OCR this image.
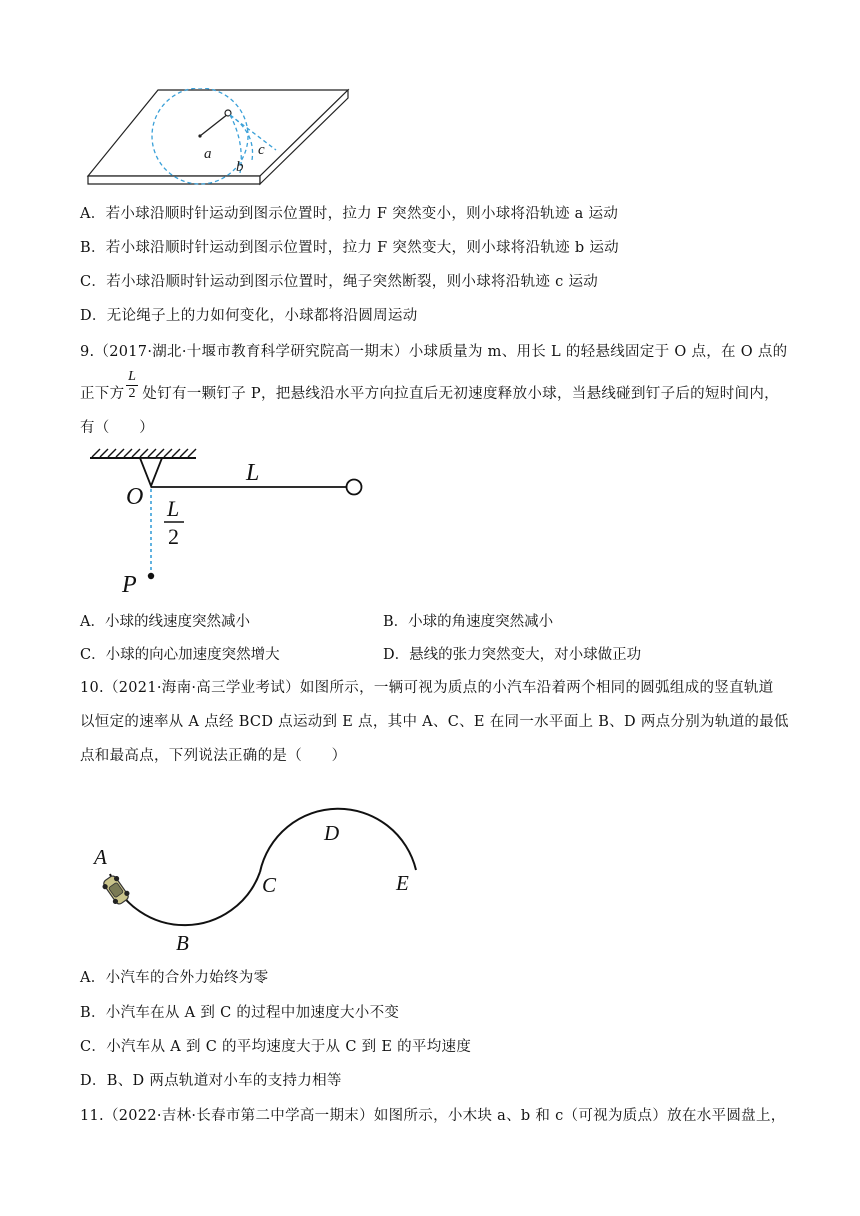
a
b
c
A．若小球沿顺时针运动到图示位置时，拉力 F 突然变小，则小球将沿轨迹 a 运动
B．若小球沿顺时针运动到图示位置时，拉力 F 突然变大，则小球将沿轨迹 b 运动
C．若小球沿顺时针运动到图示位置时，绳子突然断裂，则小球将沿轨迹 c 运动
D．无论绳子上的力如何变化，小球都将沿圆周运动
9.（2017·湖北·十堰市教育科学研究院高一期末）小球质量为 m、用长 L 的轻悬线固定于 O 点，在 O 点的
正下方 处钉有一颗钉子 P，把悬线沿水平方向拉直后无初速度释放小球，当悬线碰到钉子后的短时间内，
L
2
有（　　）
O
L
L
2
P
A．小球的线速度突然减小	B．小球的角速度突然减小
C．小球的向心加速度突然增大	D．悬线的张力突然变大，对小球做正功
10.（2021·海南·高三学业考试）如图所示，一辆可视为质点的小汽车沿着两个相同的圆弧组成的竖直轨道
以恒定的速率从 A 点经 BCD 点运动到 E 点，其中 A、C、E 在同一水平面上 B、D 两点分别为轨道的最低
点和最高点，下列说法正确的是（　　）
A
B
C
D
E
A．小汽车的合外力始终为零
B．小汽车在从 A 到 C 的过程中加速度大小不变
C．小汽车从 A 到 C 的平均速度大于从 C 到 E 的平均速度
D．B、D 两点轨道对小车的支持力相等
11.（2022·吉林·长春市第二中学高一期末）如图所示，小木块 a、b 和 c（可视为质点）放在水平圆盘上，
